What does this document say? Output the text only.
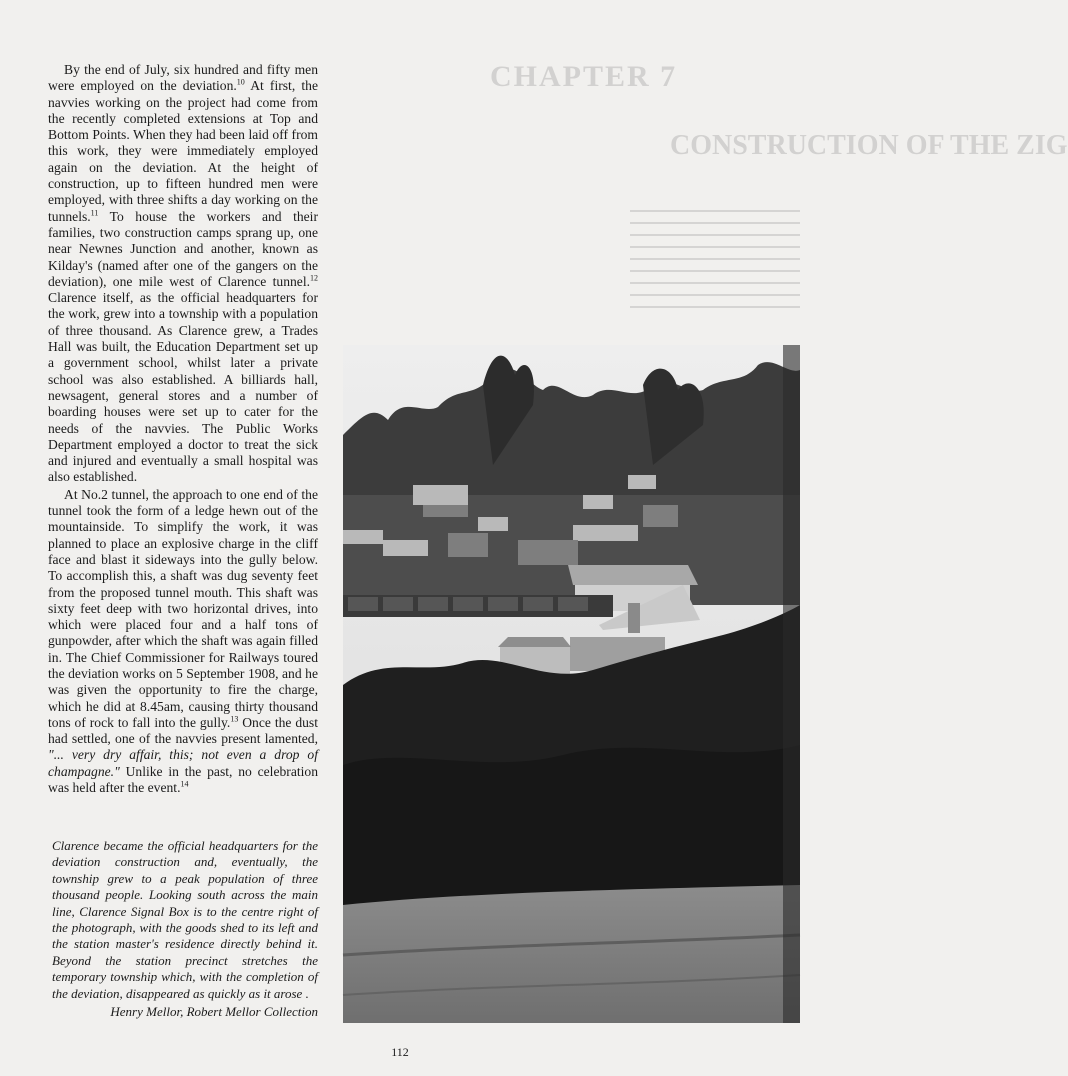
CHAPTER 7
CONSTRUCTION OF THE ZIG

By the end of July, six hundred and fifty men were employed on the deviation.$^{10}$ At first, the navvies working on the project had come from the recently completed extensions at Top and Bottom Points. When they had been laid off from this work, they were immediately employed again on the deviation. At the height of construction, up to fifteen hundred men were employed, with three shifts a day working on the tunnels.$^{11}$ To house the workers and their families, two construction camps sprang up, one near Newnes Junction and another, known as Kilday's (named after one of the gangers on the deviation), one mile west of Clarence tunnel.$^{12}$ Clarence itself, as the official headquarters for the work, grew into a township with a population of three thousand. As Clarence grew, a Trades Hall was built, the Education Department set up a government school, whilst later a private school was also established. A billiards hall, newsagent, general stores and a number of boarding houses were set up to cater for the needs of the navvies. The Public Works Department employed a doctor to treat the sick and injured and eventually a small hospital was also established.

At No.2 tunnel, the approach to one end of the tunnel took the form of a ledge hewn out of the mountainside. To simplify the work, it was planned to place an explosive charge in the cliff face and blast it sideways into the gully below. To accomplish this, a shaft was dug seventy feet from the proposed tunnel mouth. This shaft was sixty feet deep with two horizontal drives, into which were placed four and a half tons of gunpowder, after which the shaft was again filled in. The Chief Commissioner for Railways toured the deviation works on 5 September 1908, and he was given the opportunity to fire the charge, which he did at 8.45am, causing thirty thousand tons of rock to fall into the gully.$^{13}$ Once the dust had settled, one of the navvies present lamented, "... very dry affair, this; not even a drop of champagne." Unlike in the past, no celebration was held after the event.$^{14}$

Clarence became the official headquarters for the deviation construction and, eventually, the township grew to a peak population of three thousand people. Looking south across the main line, Clarence Signal Box is to the centre right of the photograph, with the goods shed to its left and the station master's residence directly behind it. Beyond the station precinct stretches the temporary township which, with the completion of the deviation, disappeared as quickly as it arose .
Henry Mellor, Robert Mellor Collection
112
